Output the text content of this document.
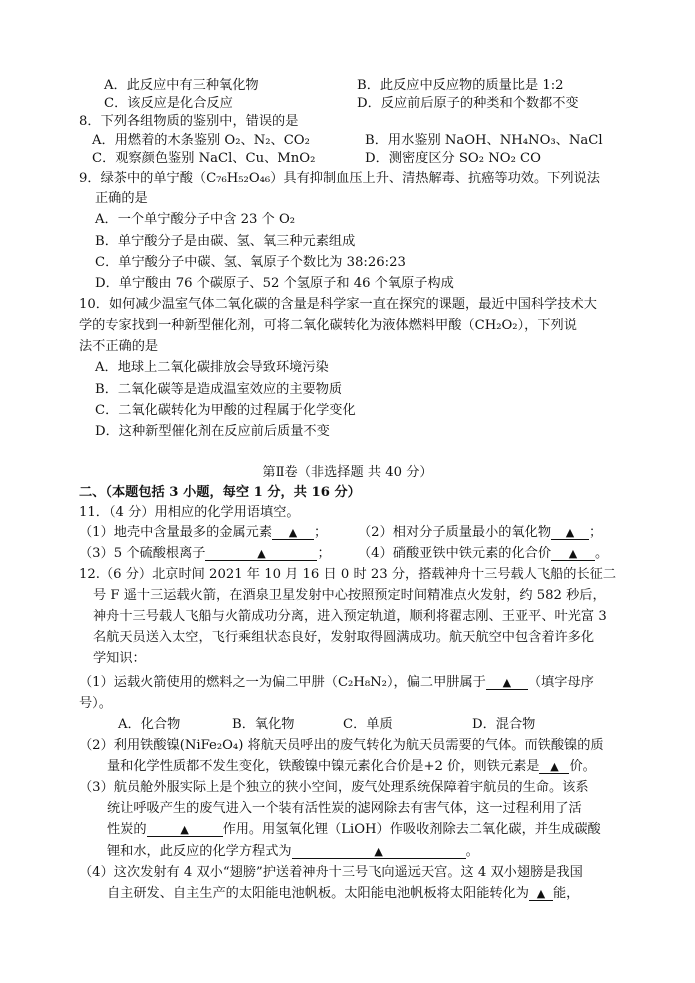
A．此反应中有三种氧化物	B．此反应中反应物的质量比是 1:2
C．该反应是化合反应	D．反应前后原子的种类和个数都不变
8．下列各组物质的鉴别中，错误的是
A．用燃着的木条鉴别 O₂、N₂、CO₂	B．用水鉴别 NaOH、NH₄NO₃、NaCl
C．观察颜色鉴别 NaCl、Cu、MnO₂	D．测密度区分 SO₂ NO₂ CO
9．绿茶中的单宁酸（C₇₆H₅₂O₄₆）具有抑制血压上升、清热解毒、抗癌等功效。下列说法
正确的是
A．一个单宁酸分子中含 23 个 O₂
B．单宁酸分子是由碳、氢、氧三种元素组成
C．单宁酸分子中碳、氢、氧原子个数比为 38:26:23
D．单宁酸由 76 个碳原子、52 个氢原子和 46 个氧原子构成
10．如何减少温室气体二氧化碳的含量是科学家一直在探究的课题，最近中国科学技术大
学的专家找到一种新型催化剂，可将二氧化碳转化为液体燃料甲酸（CH₂O₂），下列说
法不正确的是
A．地球上二氧化碳排放会导致环境污染
B．二氧化碳等是造成温室效应的主要物质
C．二氧化碳转化为甲酸的过程属于化学变化
D．这种新型催化剂在反应前后质量不变
第Ⅱ卷（非选择题 共 40 分）
二、（本题包括 3 小题，每空 1 分，共 16 分）
11．（4 分）用相应的化学用语填空。
（1）地壳中含量最多的金属元素 ▲ ； （2）相对分子质量最小的氧化物 ▲ ；
（3）5 个硫酸根离子	▲	； （4）硝酸亚铁中铁元素的化合价 ▲ 。
12.（6 分）北京时间 2021 年 10 月 16 日 0 时 23 分，搭载神舟十三号载人飞船的长征二
号 F 遥十三运载火箭，在酒泉卫星发射中心按照预定时间精准点火发射，约 582 秒后，
神舟十三号载人飞船与火箭成功分离，进入预定轨道，顺利将翟志刚、王亚平、叶光富 3
名航天员送入太空，飞行乘组状态良好，发射取得圆满成功。航天航空中包含着许多化
学知识：
（1）运载火箭使用的燃料之一为偏二甲肼（C₂H₈N₂），偏二甲肼属于 ▲ （填字母序
号）。
A．化合物	B．氧化物	C．单质	D．混合物
（2）利用铁酸镍(NiFe₂O₄) 将航天员呼出的废气转化为航天员需要的气体。而铁酸镍的质
量和化学性质都不发生变化，铁酸镍中镍元素化合价是+2 价，则铁元素是 ▲ 价。
（3）航员舱外服实际上是个独立的狭小空间，废气处理系统保障着宇航员的生命。该系
统让呼吸产生的废气进入一个装有活性炭的滤网除去有害气体，这一过程利用了活
性炭的	▲	作用。用氢氧化锂（LiOH）作吸收剂除去二氧化碳，并生成碳酸
锂和水，此反应的化学方程式为	▲	。
（4）这次发射有 4 双小“翅膀”护送着神舟十三号飞向遥远天宫。这 4 双小翅膀是我国
自主研发、自主生产的太阳能电池帆板。太阳能电池帆板将太阳能转化为 ▲ 能，
